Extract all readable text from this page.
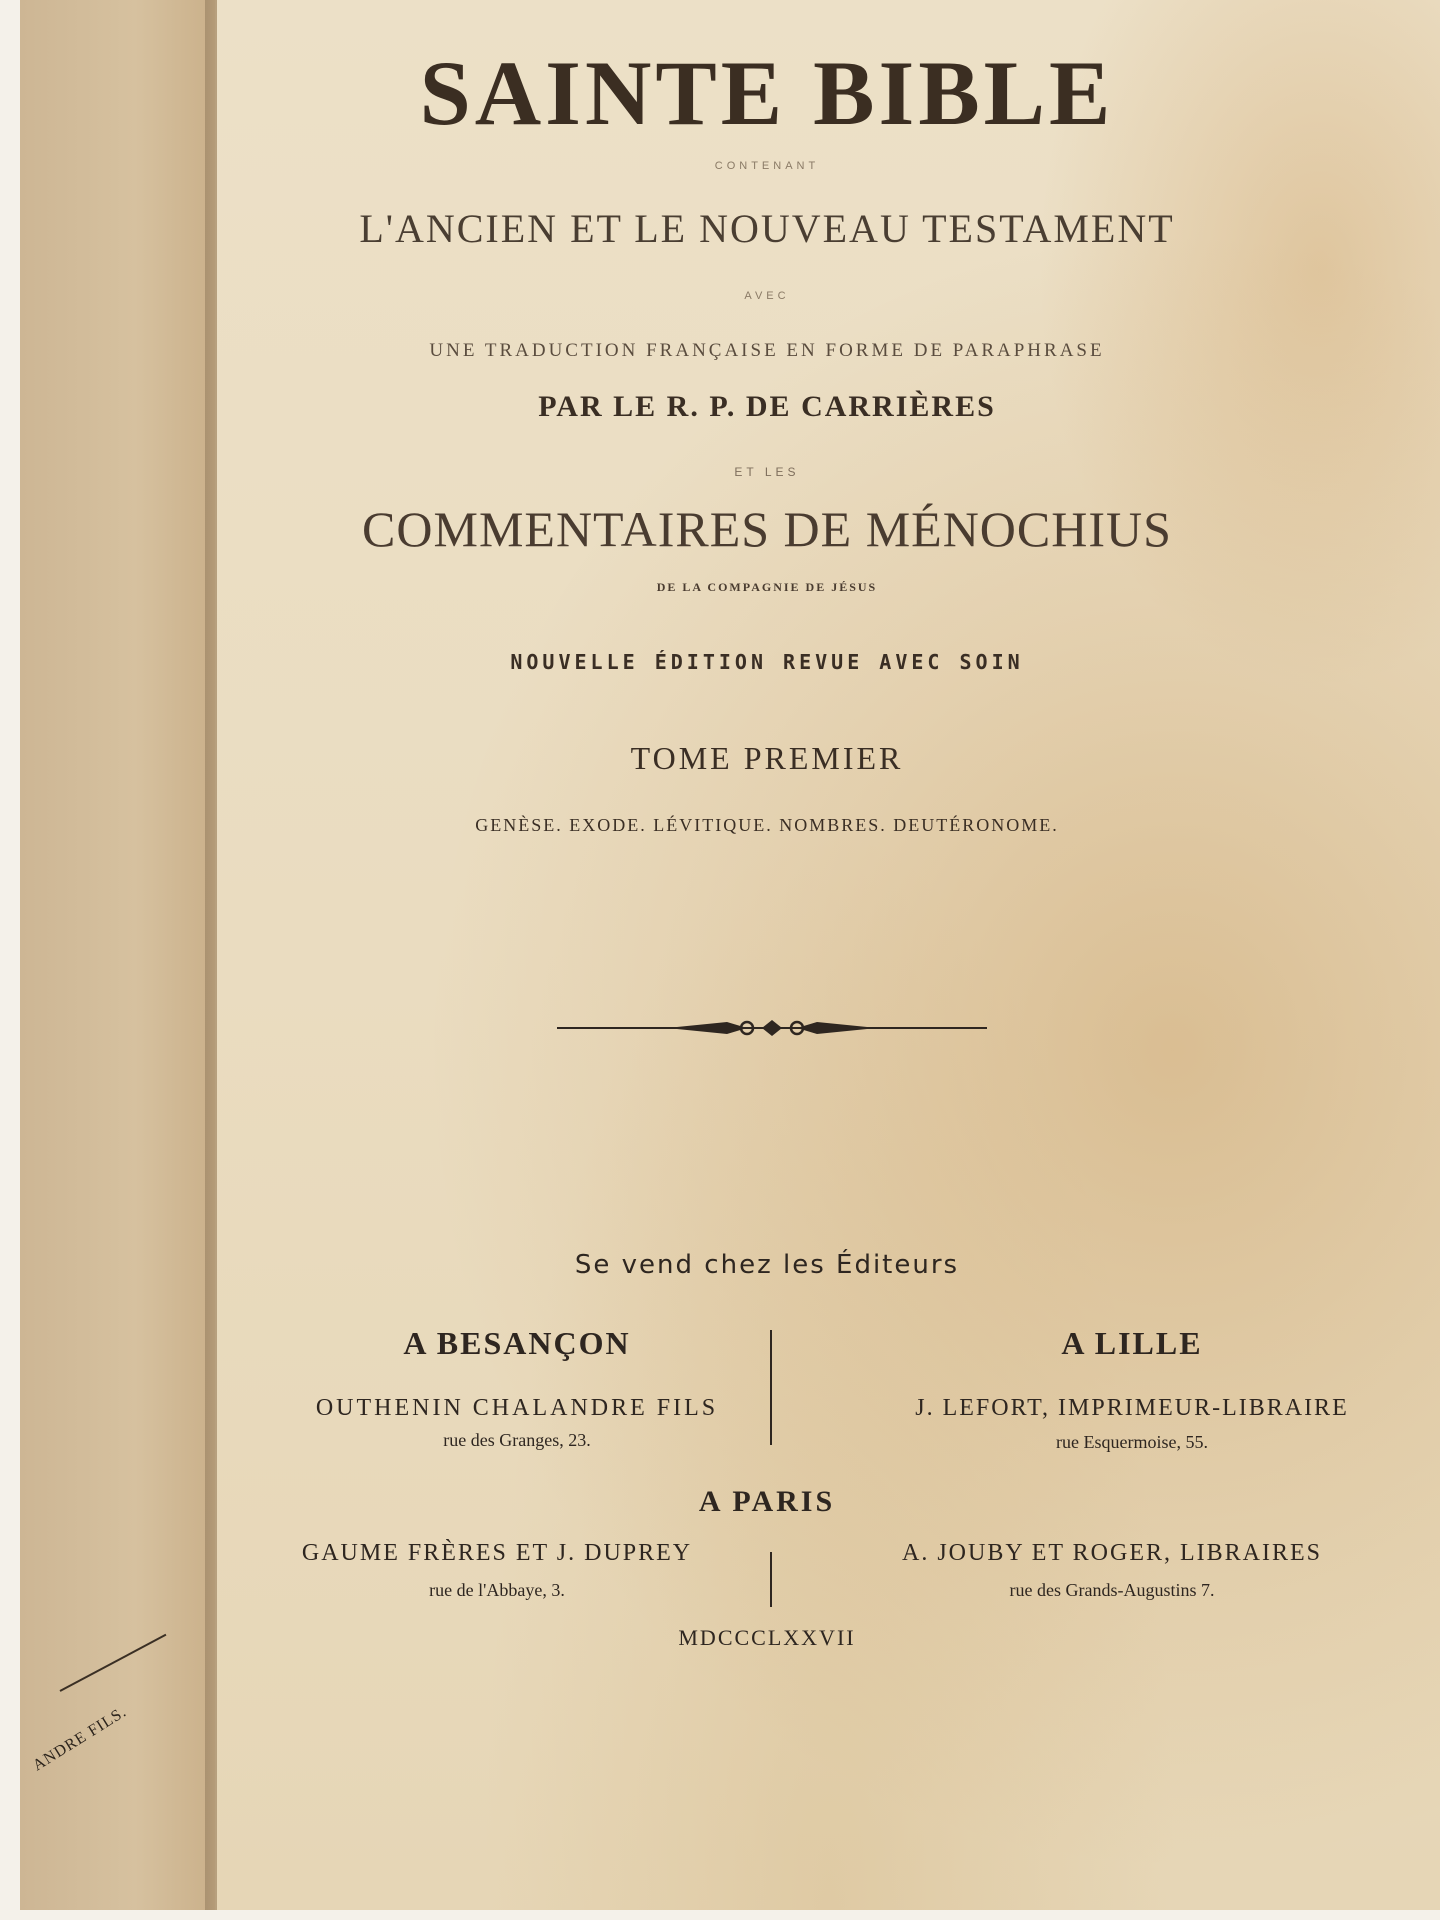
ANDRE FILS.
SAINTE BIBLE
CONTENANT
L'ANCIEN ET LE NOUVEAU TESTAMENT
AVEC
UNE TRADUCTION FRANÇAISE EN FORME DE PARAPHRASE
PAR LE R. P. DE CARRIÈRES
ET LES
COMMENTAIRES DE MÉNOCHIUS
DE LA COMPAGNIE DE JÉSUS
NOUVELLE ÉDITION REVUE AVEC SOIN
TOME PREMIER
GENÈSE. EXODE. LÉVITIQUE. NOMBRES. DEUTÉRONOME.
Se vend chez les Éditeurs
A BESANÇON
OUTHENIN CHALANDRE FILS
rue des Granges, 23.
A LILLE
J. LEFORT, IMPRIMEUR-LIBRAIRE
rue Esquermoise, 55.
A PARIS
GAUME FRÈRES ET J. DUPREY
rue de l'Abbaye, 3.
A. JOUBY ET ROGER, LIBRAIRES
rue des Grands-Augustins 7.
MDCCCLXXVII
